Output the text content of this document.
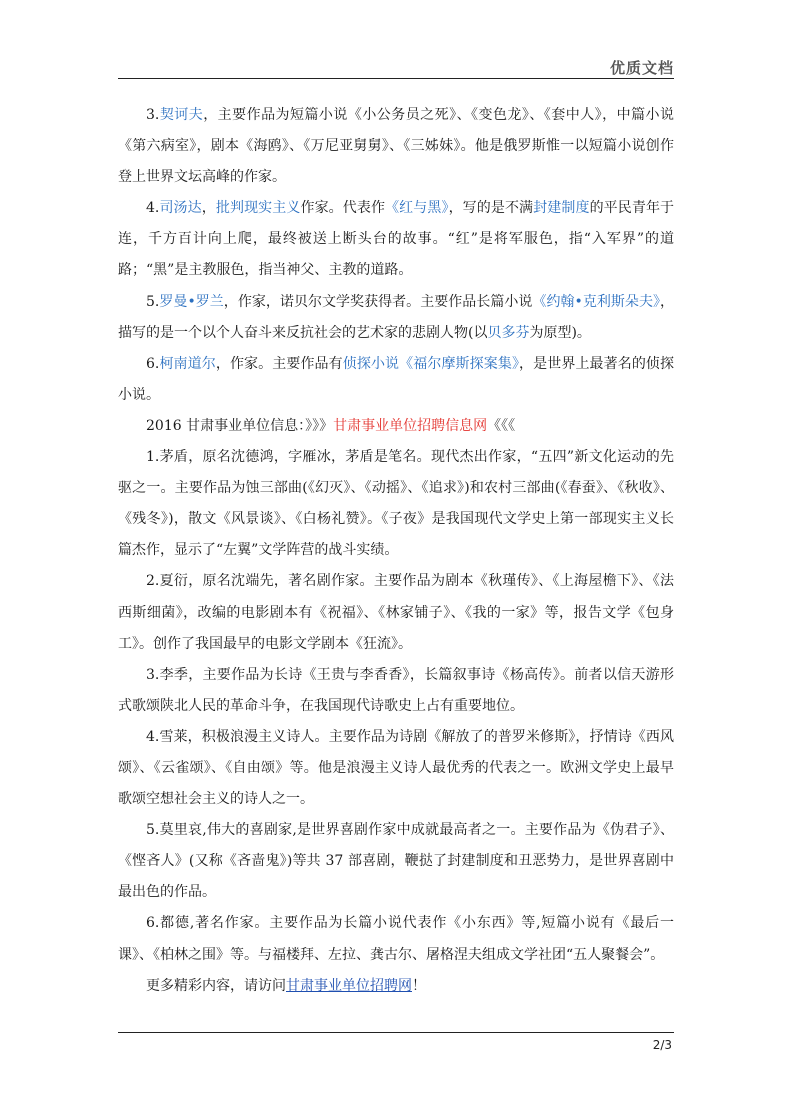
优质文档

3.契诃夫，主要作品为短篇小说《小公务员之死》、《变色龙》、《套中人》，中篇小说《第六病室》，剧本《海鸥》、《万尼亚舅舅》、《三姊妹》。他是俄罗斯惟一以短篇小说创作登上世界文坛高峰的作家。

4.司汤达，批判现实主义作家。代表作《红与黑》，写的是不满封建制度的平民青年于连，千方百计向上爬，最终被送上断头台的故事。“红”是将军服色，指“入军界”的道路；“黑”是主教服色，指当神父、主教的道路。

5.罗曼•罗兰，作家，诺贝尔文学奖获得者。主要作品长篇小说《约翰•克利斯朵夫》，描写的是一个以个人奋斗来反抗社会的艺术家的悲剧人物(以贝多芬为原型)。

6.柯南道尔，作家。主要作品有侦探小说《福尔摩斯探案集》，是世界上最著名的侦探小说。

2016 甘肃事业单位信息：》》》甘肃事业单位招聘信息网《《《

1.茅盾，原名沈德鸿，字雁冰，茅盾是笔名。现代杰出作家，“五四”新文化运动的先驱之一。主要作品为蚀三部曲(《幻灭》、《动摇》、《追求》)和农村三部曲(《春蚕》、《秋收》、《残冬》)，散文《风景谈》、《白杨礼赞》。《子夜》是我国现代文学史上第一部现实主义长篇杰作，显示了“左翼”文学阵营的战斗实绩。

2.夏衍，原名沈端先，著名剧作家。主要作品为剧本《秋瑾传》、《上海屋檐下》、《法西斯细菌》，改编的电影剧本有《祝福》、《林家铺子》、《我的一家》等，报告文学《包身工》。创作了我国最早的电影文学剧本《狂流》。

3.李季，主要作品为长诗《王贵与李香香》，长篇叙事诗《杨高传》。前者以信天游形式歌颂陕北人民的革命斗争，在我国现代诗歌史上占有重要地位。

4.雪莱，积极浪漫主义诗人。主要作品为诗剧《解放了的普罗米修斯》，抒情诗《西风颂》、《云雀颂》、《自由颂》等。他是浪漫主义诗人最优秀的代表之一。欧洲文学史上最早歌颂空想社会主义的诗人之一。

5.莫里哀,伟大的喜剧家,是世界喜剧作家中成就最高者之一。主要作品为《伪君子》、《悭吝人》(又称《吝啬鬼》)等共 37 部喜剧，鞭挞了封建制度和丑恶势力，是世界喜剧中最出色的作品。

6.都德,著名作家。主要作品为长篇小说代表作《小东西》等,短篇小说有《最后一课》、《柏林之围》等。与福楼拜、左拉、龚古尔、屠格涅夫组成文学社团“五人聚餐会”。

更多精彩内容，请访问甘肃事业单位招聘网！

2/3
